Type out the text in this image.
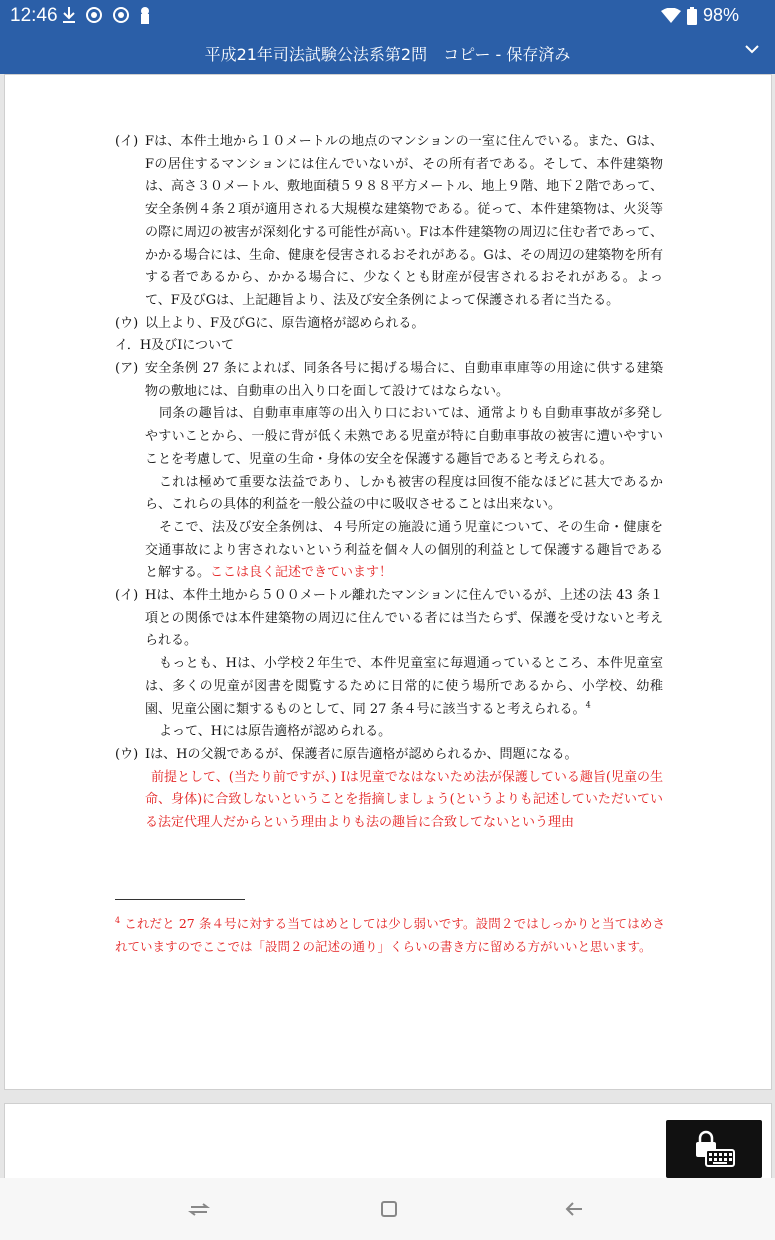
12:46	98%
平成21年司法試験公法系第2問　コピー - 保存済み

(イ) Fは、本件土地から１０メートルの地点のマンションの一室に住んでいる。また、Gは、Fの居住するマンションには住んでいないが、その所有者である。そして、本件建築物は、高さ３０メートル、敷地面積５９８８平方メートル、地上９階、地下２階であって、安全条例４条２項が適用される大規模な建築物である。従って、本件建築物は、火災等の際に周辺の被害が深刻化する可能性が高い。Fは本件建築物の周辺に住む者であって、かかる場合には、生命、健康を侵害されるおそれがある。Gは、その周辺の建築物を所有する者であるから、かかる場合に、少なくとも財産が侵害されるおそれがある。よって、F及びGは、上記趣旨より、法及び安全条例によって保護される者に当たる。

(ウ) 以上より、F及びGに、原告適格が認められる。

イ．H及びIについて

(ア) 安全条例 27 条によれば、同条各号に掲げる場合に、自動車車庫等の用途に供する建築物の敷地には、自動車の出入り口を面して設けてはならない。

同条の趣旨は、自動車車庫等の出入り口においては、通常よりも自動車事故が多発しやすいことから、一般に背が低く未熟である児童が特に自動車事故の被害に遭いやすいことを考慮して、児童の生命・身体の安全を保護する趣旨であると考えられる。

これは極めて重要な法益であり、しかも被害の程度は回復不能なほどに甚大であるから、これらの具体的利益を一般公益の中に吸収させることは出来ない。

そこで、法及び安全条例は、４号所定の施設に通う児童について、その生命・健康を交通事故により害されないという利益を個々人の個別的利益として保護する趣旨であると解する。ここは良く記述できています！

(イ) Hは、本件土地から５００メートル離れたマンションに住んでいるが、上述の法 43 条１項との関係では本件建築物の周辺に住んでいる者には当たらず、保護を受けないと考えられる。

もっとも、Hは、小学校２年生で、本件児童室に毎週通っているところ、本件児童室は、多くの児童が図書を閲覧するために日常的に使う場所であるから、小学校、幼稚園、児童公園に類するものとして、同 27 条４号に該当すると考えられる。$^4$

よって、Hには原告適格が認められる。

(ウ) Iは、Hの父親であるが、保護者に原告適格が認められるか、問題になる。

前提として、(当たり前ですが、) Iは児童でなはないため法が保護している趣旨(児童の生命、身体)に合致しないということを指摘しましょう(というよりも記述していただいている法定代理人だからという理由よりも法の趣旨に合致してないという理由

$^4$ これだと 27 条４号に対する当てはめとしては少し弱いです。設問２ではしっかりと当てはめされていますのでここでは「設問２の記述の通り」くらいの書き方に留める方がいいと思います。
